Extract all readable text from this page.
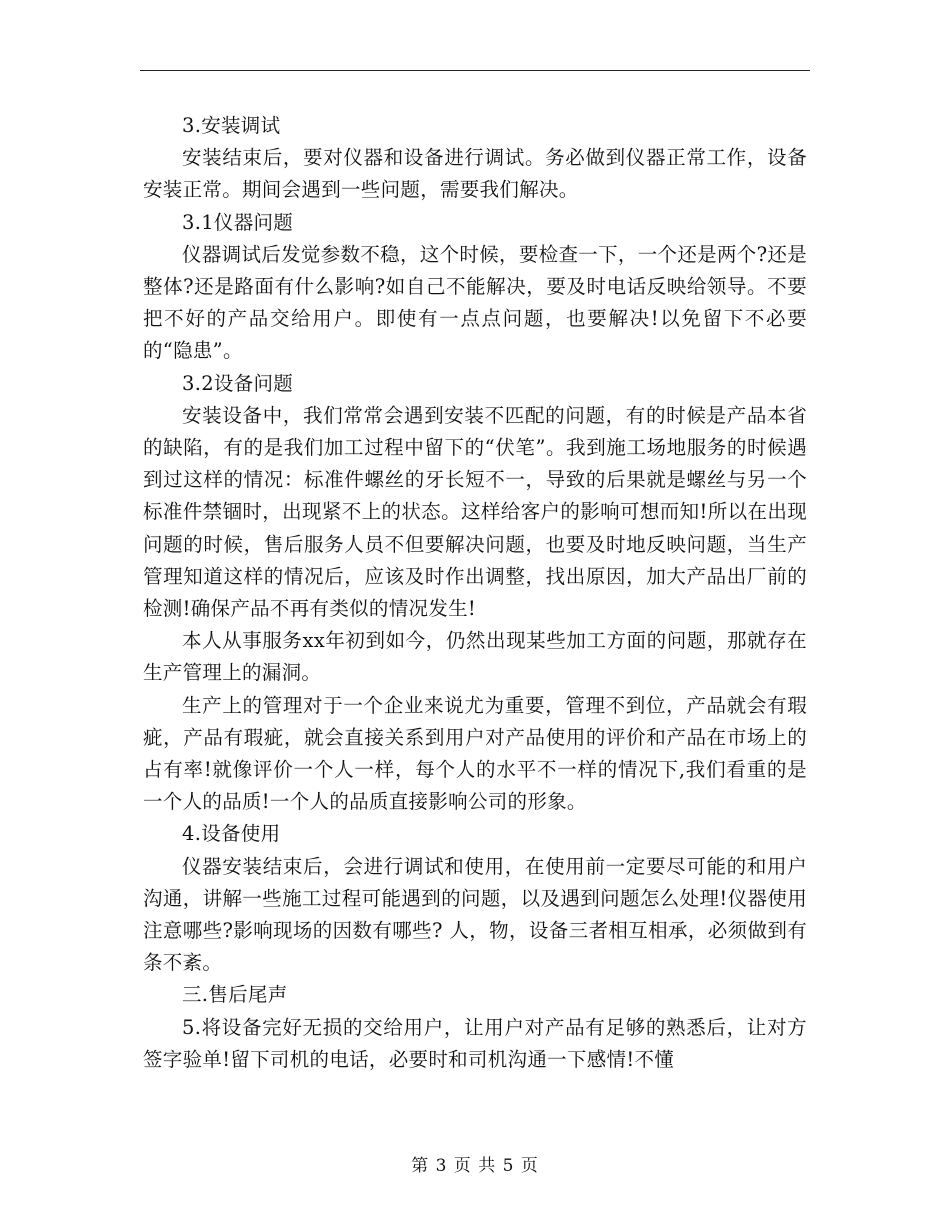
3.安装调试

安装结束后，要对仪器和设备进行调试。务必做到仪器正常工作，设备安装正常。期间会遇到一些问题，需要我们解决。

3.1仪器问题

仪器调试后发觉参数不稳，这个时候，要检查一下，一个还是两个?还是整体?还是路面有什么影响?如自己不能解决，要及时电话反映给领导。不要把不好的产品交给用户。即使有一点点问题，也要解决!以免留下不必要的“隐患”。

3.2设备问题

安装设备中，我们常常会遇到安装不匹配的问题，有的时候是产品本省的缺陷，有的是我们加工过程中留下的“伏笔”。我到施工场地服务的时候遇到过这样的情况：标准件螺丝的牙长短不一，导致的后果就是螺丝与另一个标准件禁锢时，出现紧不上的状态。这样给客户的影响可想而知!所以在出现问题的时候，售后服务人员不但要解决问题，也要及时地反映问题，当生产管理知道这样的情况后，应该及时作出调整，找出原因，加大产品出厂前的检测!确保产品不再有类似的情况发生!

本人从事服务xx年初到如今，仍然出现某些加工方面的问题，那就存在生产管理上的漏洞。

生产上的管理对于一个企业来说尤为重要，管理不到位，产品就会有瑕疵，产品有瑕疵，就会直接关系到用户对产品使用的评价和产品在市场上的占有率!就像评价一个人一样，每个人的水平不一样的情况下,我们看重的是一个人的品质!一个人的品质直接影响公司的形象。

4.设备使用

仪器安装结束后，会进行调试和使用，在使用前一定要尽可能的和用户沟通，讲解一些施工过程可能遇到的问题，以及遇到问题怎么处理!仪器使用注意哪些?影响现场的因数有哪些? 人，物，设备三者相互相承，必须做到有条不紊。

三.售后尾声

5.将设备完好无损的交给用户，让用户对产品有足够的熟悉后，让对方签字验单!留下司机的电话，必要时和司机沟通一下感情!不懂

第 3 页 共 5 页
